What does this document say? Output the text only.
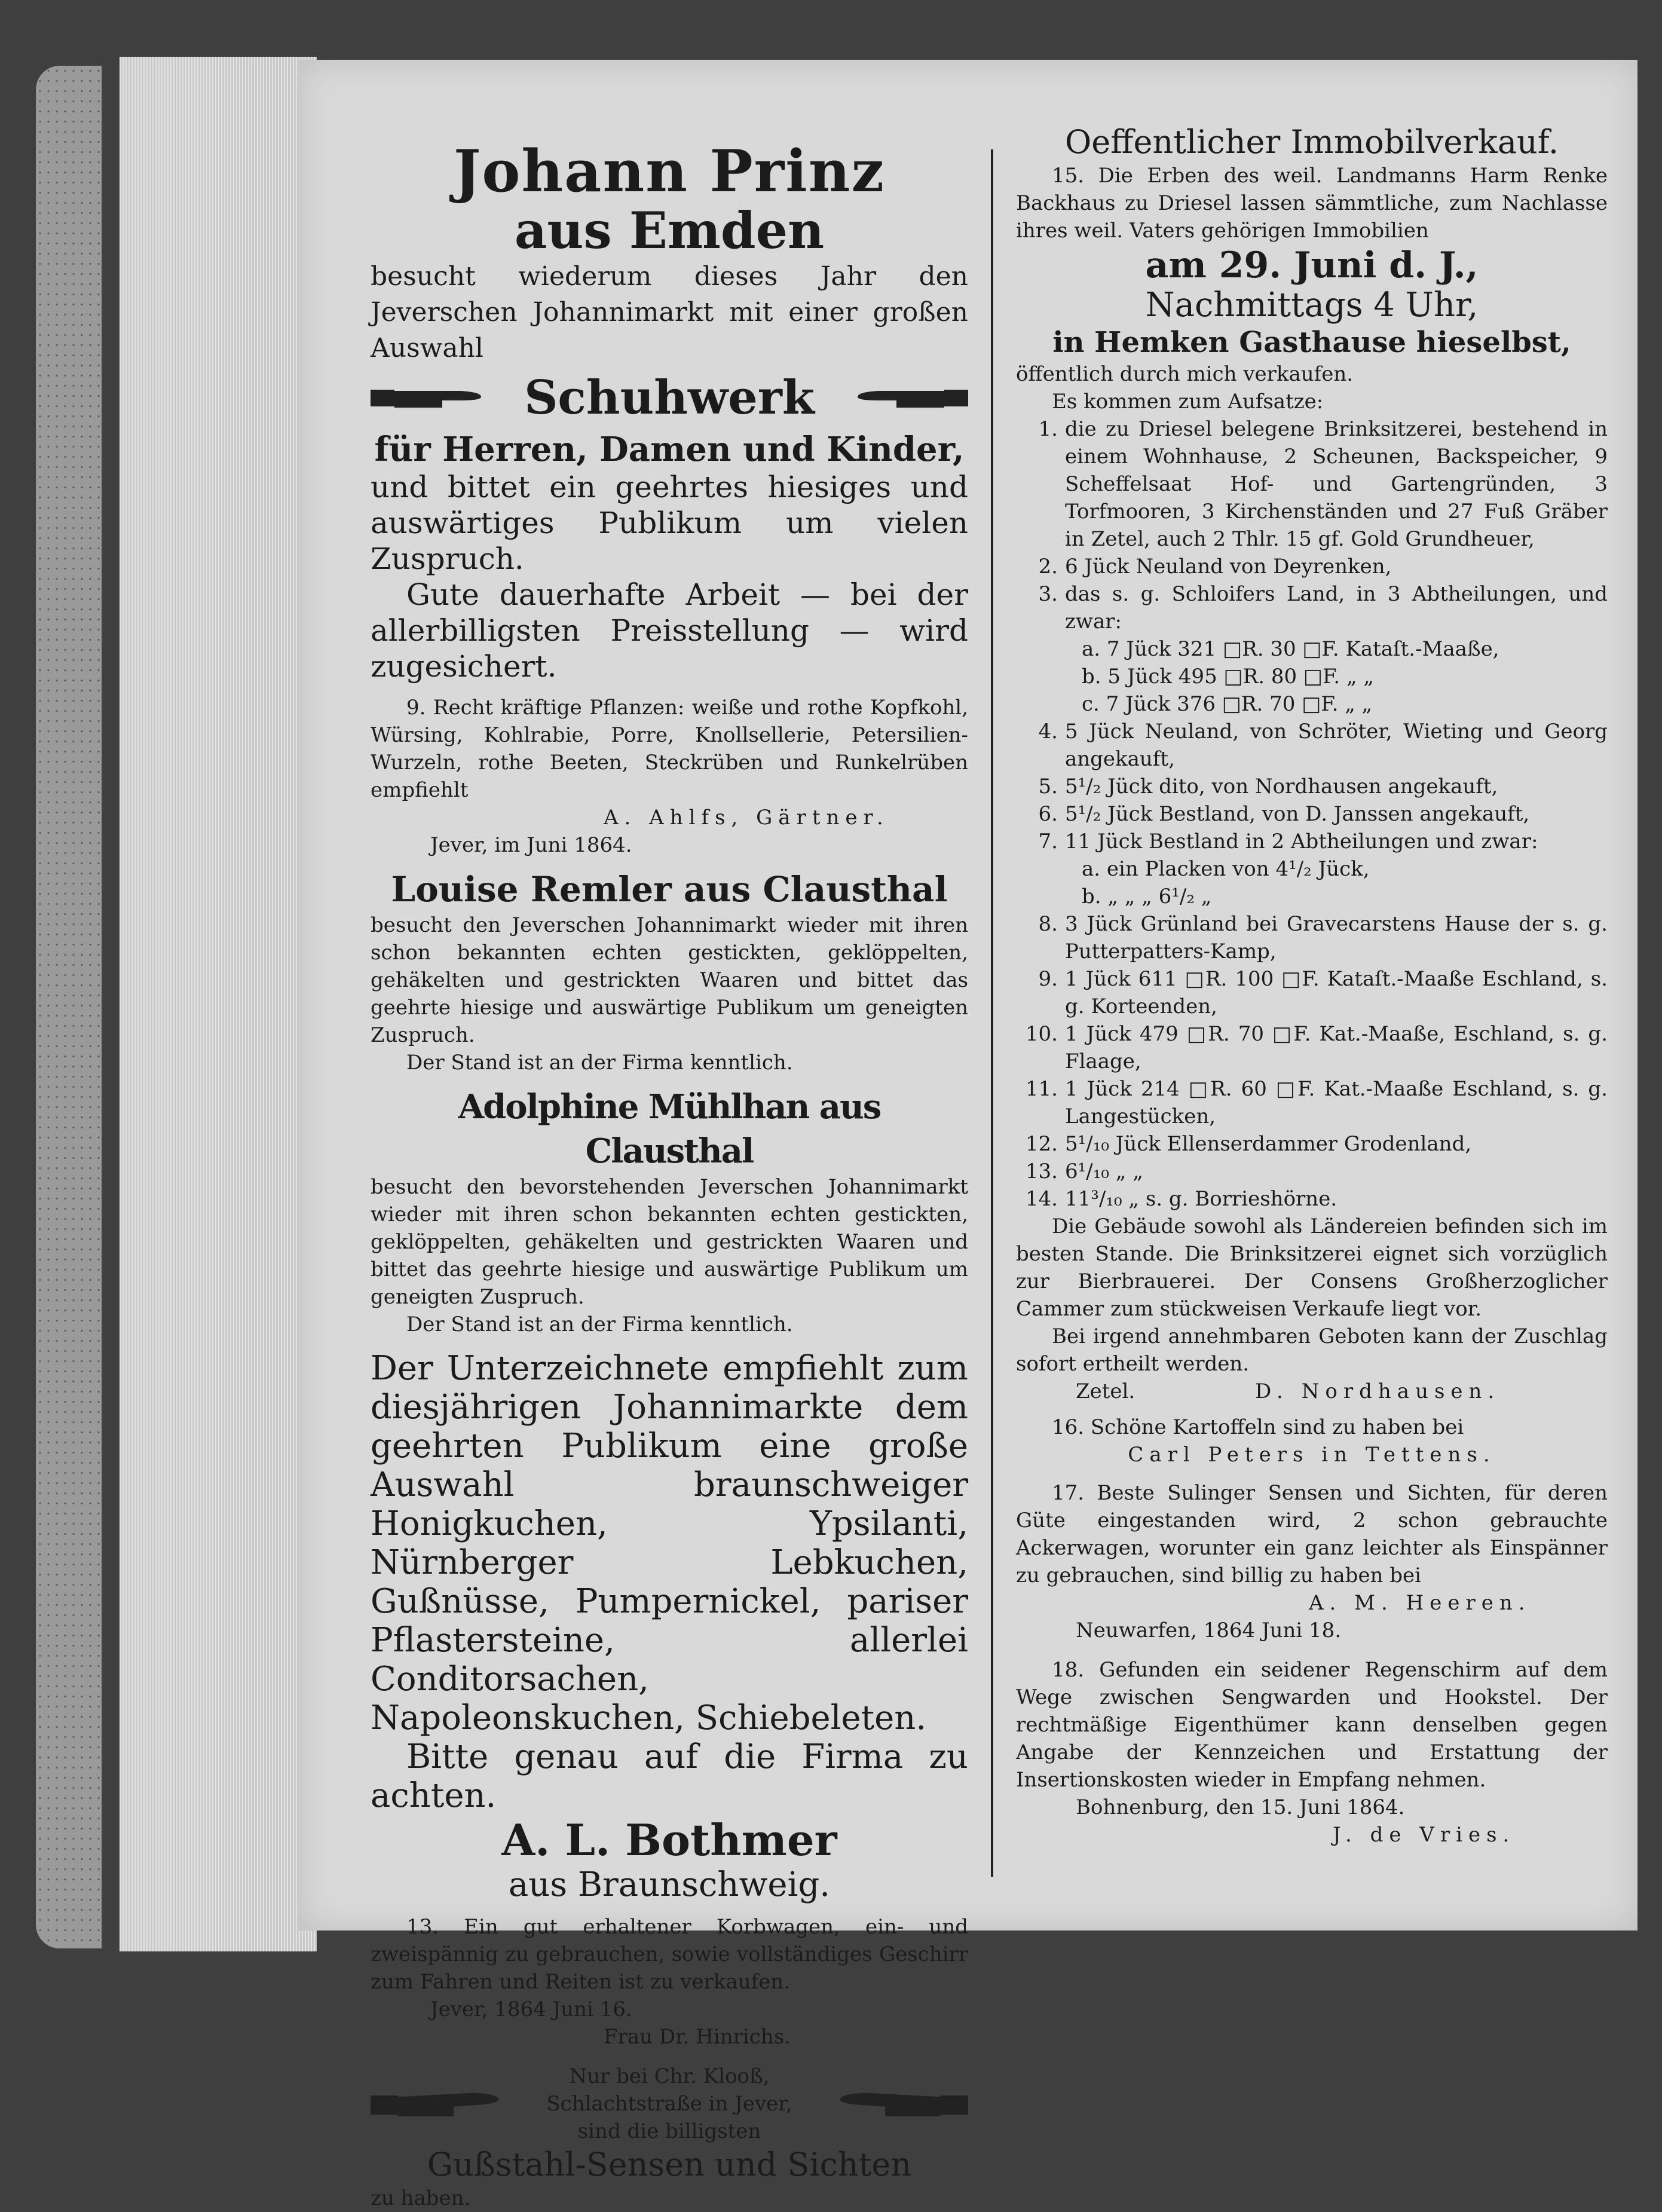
Johann Prinz

aus Emden

besucht wiederum dieses Jahr den Jeverschen Johannimarkt mit einer großen Auswahl

Schuhwerk

für Herren, Damen und Kinder,

und bittet ein geehrtes hiesiges und auswärtiges Publikum um vielen Zuspruch.

Gute dauerhafte Arbeit — bei der allerbilligsten Preisstellung — wird zugesichert.

9. Recht kräftige Pflanzen: weiße und rothe Kopfkohl, Würsing, Kohlrabie, Porre, Knollsellerie, Petersilien-Wurzeln, rothe Beeten, Steckrüben und Runkelrüben empfiehlt

A. Ahlfs, Gärtner.

Jever, im Juni 1864.

Louise Remler aus Clausthal

besucht den Jeverschen Johannimarkt wieder mit ihren schon bekannten echten gestickten, geklöppelten, gehäkelten und gestrickten Waaren und bittet das geehrte hiesige und auswärtige Publikum um geneigten Zuspruch.

Der Stand ist an der Firma kenntlich.

Adolphine Mühlhan aus Clausthal

besucht den bevorstehenden Jeverschen Johannimarkt wieder mit ihren schon bekannten echten gestickten, geklöppelten, gehäkelten und gestrickten Waaren und bittet das geehrte hiesige und auswärtige Publikum um geneigten Zuspruch.

Der Stand ist an der Firma kenntlich.

Der Unterzeichnete empfiehlt zum diesjährigen Johannimarkte dem geehrten Publikum eine große Auswahl braunschweiger Honigkuchen, Ypsilanti, Nürnberger Lebkuchen, Gußnüsse, Pumpernickel, pariser Pflastersteine, allerlei Conditorsachen, Napoleonskuchen, Schiebeleten.

Bitte genau auf die Firma zu achten.

A. L. Bothmer

aus Braunschweig.

13. Ein gut erhaltener Korbwagen, ein- und zweispännig zu gebrauchen, sowie vollständiges Geschirr zum Fahren und Reiten ist zu verkaufen.

Jever, 1864 Juni 16.

Frau Dr. Hinrichs.

Nur bei Chr. Klooß,

Schlachtstraße in Jever,

sind die billigsten

Gußstahl-Sensen und Sichten

zu haben.

Oeffentlicher Immobilverkauf.

15. Die Erben des weil. Landmanns Harm Renke Backhaus zu Driesel lassen sämmtliche, zum Nachlasse ihres weil. Vaters gehörigen Immobilien

am 29. Juni d. J.,

Nachmittags 4 Uhr,

in Hemken Gasthause hieselbst,

öffentlich durch mich verkaufen.

Es kommen zum Aufsatze:

1. die zu Driesel belegene Brinksitzerei, bestehend in einem Wohnhause, 2 Scheunen, Backspeicher, 9 Scheffelsaat Hof- und Gartengründen, 3 Torfmooren, 3 Kirchenständen und 27 Fuß Gräber in Zetel, auch 2 Thlr. 15 gf. Gold Grundheuer,
2. 6 Jück Neuland von Deyrenken,
3. das s. g. Schloifers Land, in 3 Abtheilungen, und zwar:

a. 7 Jück 321 □R. 30 □F. Kataſt.-Maaße,

b. 5 Jück 495 □R. 80 □F. „ „

c. 7 Jück 376 □R. 70 □F. „ „

4. 5 Jück Neuland, von Schröter, Wieting und Georg angekauft,
5. 5¹/₂ Jück dito, von Nordhausen angekauft,
6. 5¹/₂ Jück Bestland, von D. Janssen angekauft,
7. 11 Jück Bestland in 2 Abtheilungen und zwar:

a. ein Placken von 4¹/₂ Jück,

b. „ „ „ 6¹/₂ „

8. 3 Jück Grünland bei Gravecarstens Hause der s. g. Putterpatters-Kamp,
9. 1 Jück 611 □R. 100 □F. Kataſt.-Maaße Eschland, s. g. Korteenden,
10. 1 Jück 479 □R. 70 □F. Kat.-Maaße, Eschland, s. g. Flaage,
11. 1 Jück 214 □R. 60 □F. Kat.-Maaße Eschland, s. g. Langestücken,
12. 5¹/₁₀ Jück Ellenserdammer Grodenland,
13. 6¹/₁₀ „ „
14. 11³/₁₀ „ s. g. Borrieshörne.

Die Gebäude sowohl als Ländereien befinden sich im besten Stande. Die Brinksitzerei eignet sich vorzüglich zur Bierbrauerei. Der Consens Großherzoglicher Cammer zum stückweisen Verkaufe liegt vor.

Bei irgend annehmbaren Geboten kann der Zuschlag sofort ertheilt werden.

Zetel.	D. Nordhausen.

16. Schöne Kartoffeln sind zu haben bei

Carl Peters in Tettens.

17. Beste Sulinger Sensen und Sichten, für deren Güte eingestanden wird, 2 schon gebrauchte Ackerwagen, worunter ein ganz leichter als Einspänner zu gebrauchen, sind billig zu haben bei

A. M. Heeren.

Neuwarfen, 1864 Juni 18.

18. Gefunden ein seidener Regenschirm auf dem Wege zwischen Sengwarden und Hookstel. Der rechtmäßige Eigenthümer kann denselben gegen Angabe der Kennzeichen und Erstattung der Insertionskosten wieder in Empfang nehmen.

Bohnenburg, den 15. Juni 1864.

J. de Vries.
